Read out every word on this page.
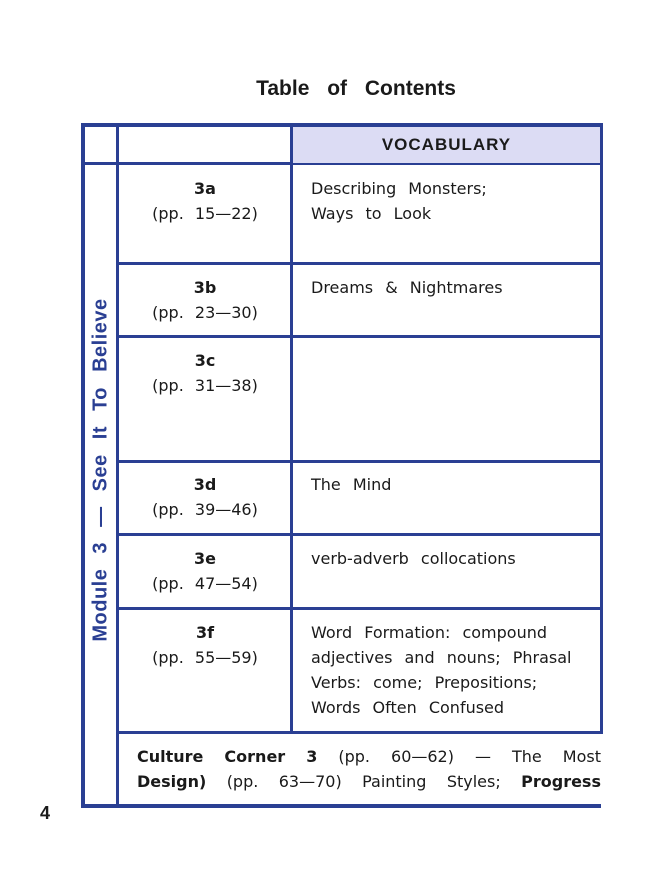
Table of Contents
VOCABULARY
Module 3 — See It To Believe
3a
(pp. 15—22)

Describing Monsters;

Ways to Look

3b
(pp. 23—30)

Dreams & Nightmares

3c
(pp. 31—38)
3d
(pp. 39—46)

The Mind

3e
(pp. 47—54)

verb-adverb collocations

3f
(pp. 55—59)

Word Formation: compound

adjectives and nouns; Phrasal

Verbs: come; Prepositions;

Words Often Confused

Culture Corner 3 (pp. 60—62) — The Most
Design) (pp. 63—70) Painting Styles; Progress
4
